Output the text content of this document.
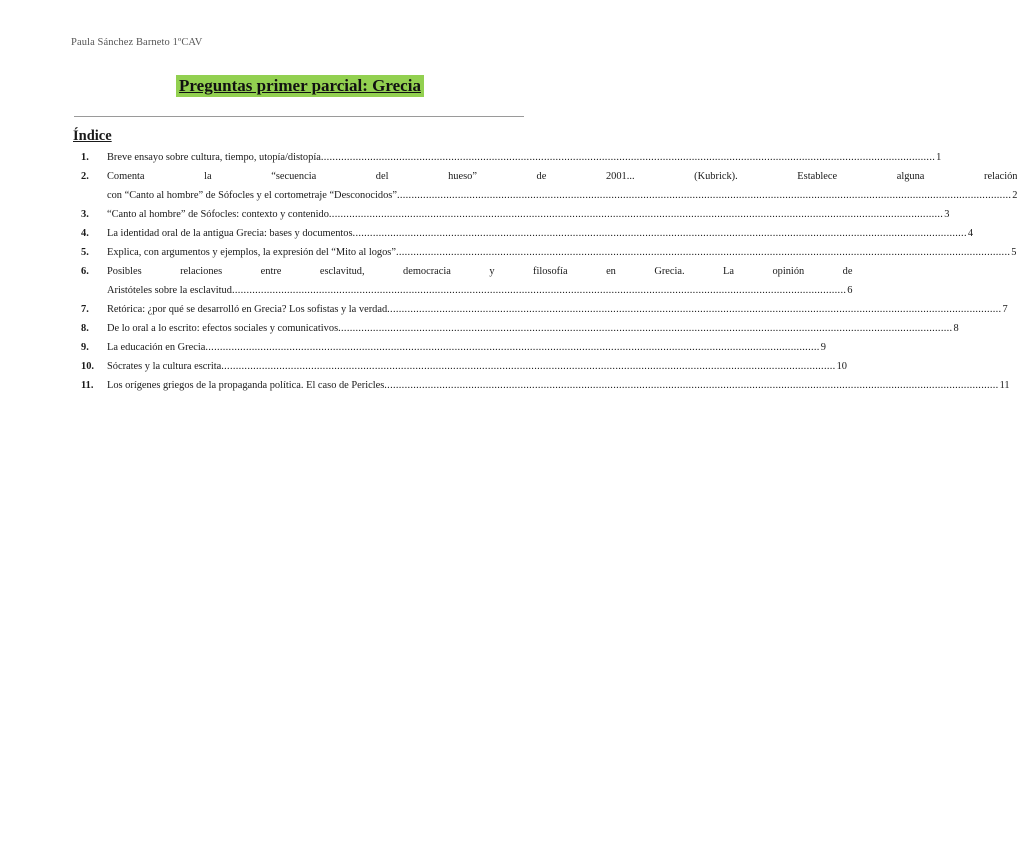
Paula Sánchez Barneto 1ºCAV
Preguntas primer parcial: Grecia
Índice
1.	Breve ensayo sobre cultura, tiempo, utopía/distopía .....	1
2.	Comenta la “secuencia del hueso” de 2001... (Kubrick). Establece alguna relación
con “Canto al hombre” de Sófocles y el cortometraje “Desconocidos” .....	2
3.	“Canto al hombre” de Sófocles: contexto y contenido .....	3
4.	La identidad oral de la antigua Grecia: bases y documentos .....	4
5.	Explica, con argumentos y ejemplos, la expresión del “Mito al logos” .....	5
6.	Posibles relaciones entre esclavitud, democracia y filosofía en Grecia. La opinión de
Aristóteles sobre la esclavitud .....	6
7.	Retórica: ¿por qué se desarrolló en Grecia? Los sofistas y la verdad .....	7
8.	De lo oral a lo escrito: efectos sociales y comunicativos .....	8
9.	La educación en Grecia .....	9
10.	Sócrates y la cultura escrita .....	10
11.	Los orígenes griegos de la propaganda política. El caso de Pericles .....	11
